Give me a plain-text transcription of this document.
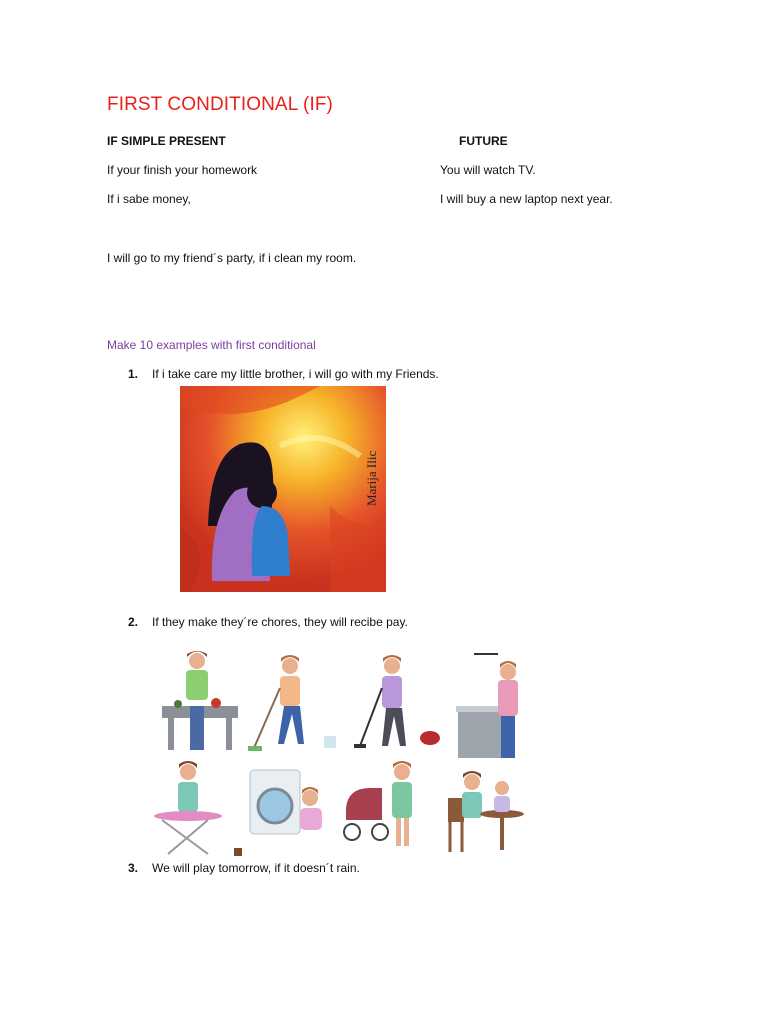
FIRST CONDITIONAL (IF)
IF SIMPLE PRESENT	FUTURE
If your finish your homework	You will watch TV.
If i sabe money,	I will buy a new laptop next year.
I will go to my friend´s party, if i clean my room.
Make 10 examples with first conditional
1. If i take care my little brother, i will go with my Friends.
Marija Ilic
2. If they make they´re chores, they will recibe pay.
3. We will play tomorrow, if it doesn´t rain.
